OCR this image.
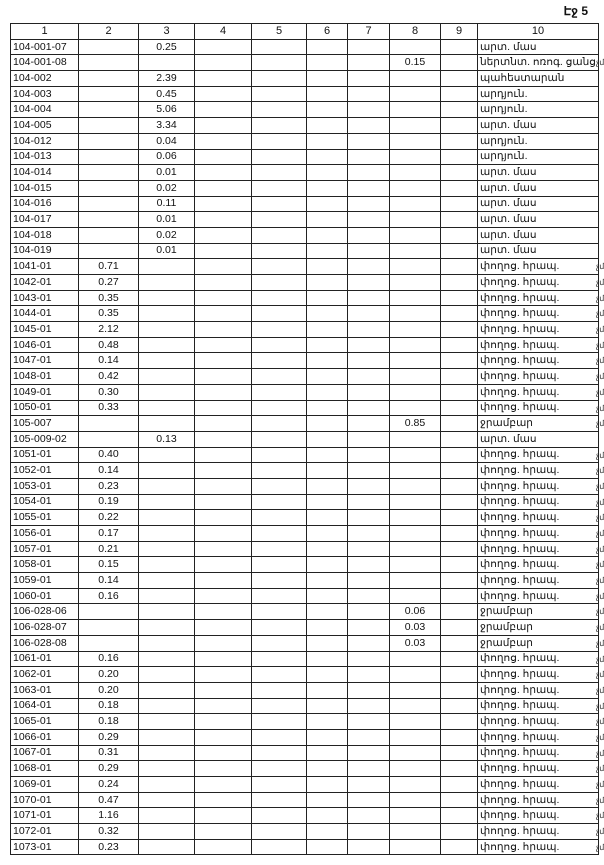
Էջ 5
1	2	3	4	5	6	7	8	9	10
104-001-07		0.25							արտ. մաս
104-001-08							0.15		ներտնտ. ոռոգ. ցանց չմ

104-002		2.39							պահեստարան
104-003		0.45							արդյուն.
104-004		5.06							արդյուն.
104-005		3.34							արտ. մաս
104-012		0.04							արդյուն.
104-013		0.06							արդյուն.
104-014		0.01							արտ. մաս
104-015		0.02							արտ. մաս
104-016		0.11							արտ. մաս
104-017		0.01							արտ. մաս
104-018		0.02							արտ. մաս
104-019		0.01							արտ. մաս
1041-01	0.71								փողոց. հրապ. չմ

1042-01	0.27								փողոց. հրապ. չմ

1043-01	0.35								փողոց. հրապ. չմ

1044-01	0.35								փողոց. հրապ. չմ

1045-01	2.12								փողոց. հրապ. չմ

1046-01	0.48								փողոց. հրապ. չմ

1047-01	0.14								փողոց. հրապ. չմ

1048-01	0.42								փողոց. հրապ. չմ

1049-01	0.30								փողոց. հրապ. չմ

1050-01	0.33								փողոց. հրապ. չմ

105-007							0.85		ջրամբար չմ

105-009-02		0.13							արտ. մաս
1051-01	0.40								փողոց. հրապ. չմ

1052-01	0.14								փողոց. հրապ. չմ

1053-01	0.23								փողոց. հրապ. չմ

1054-01	0.19								փողոց. հրապ. չմ

1055-01	0.22								փողոց. հրապ. չմ

1056-01	0.17								փողոց. հրապ. չմ

1057-01	0.21								փողոց. հրապ. չմ

1058-01	0.15								փողոց. հրապ. չմ

1059-01	0.14								փողոց. հրապ. չմ

1060-01	0.16								փողոց. հրապ. չմ

106-028-06							0.06		ջրամբար չմ

106-028-07							0.03		ջրամբար չմ

106-028-08							0.03		ջրամբար չմ

1061-01	0.16								փողոց. հրապ. չմ

1062-01	0.20								փողոց. հրապ. չմ

1063-01	0.20								փողոց. հրապ. չմ

1064-01	0.18								փողոց. հրապ. չմ

1065-01	0.18								փողոց. հրապ. չմ

1066-01	0.29								փողոց. հրապ. չմ

1067-01	0.31								փողոց. հրապ. չմ

1068-01	0.29								փողոց. հրապ. չմ

1069-01	0.24								փողոց. հրապ. չմ

1070-01	0.47								փողոց. հրապ. չմ

1071-01	1.16								փողոց. հրապ. չմ

1072-01	0.32								փողոց. հրապ. չմ

1073-01	0.23								փողոց. հրապ. չմ
